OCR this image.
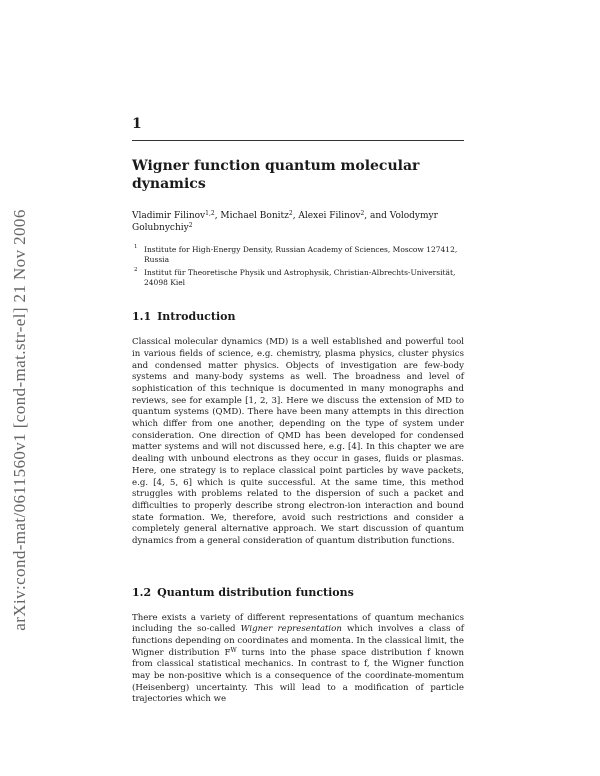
arXiv:cond-mat/0611560v1 [cond-mat.str-el] 21 Nov 2006
1
Wigner function quantum molecular dynamics
Vladimir Filinov$^{1,2}$, Michael Bonitz$^2$, Alexei Filinov$^2$, and Volodymyr
Golubnychiy$^2$
1 Institute for High-Energy Density, Russian Academy of Sciences, Moscow 127412, Russia
2 Institut für Theoretische Physik und Astrophysik, Christian-Albrechts-Universität, 24098 Kiel
1.1 Introduction

Classical molecular dynamics (MD) is a well established and powerful tool in various fields of science, e.g. chemistry, plasma physics, cluster physics and condensed matter physics. Objects of investigation are few-body systems and many-body systems as well. The broadness and level of sophistication of this technique is documented in many monographs and reviews, see for example [1, 2, 3]. Here we discuss the extension of MD to quantum systems (QMD). There have been many attempts in this direction which differ from one another, depending on the type of system under consideration. One direction of QMD has been developed for condensed matter systems and will not discussed here, e.g. [4]. In this chapter we are dealing with unbound electrons as they occur in gases, fluids or plasmas. Here, one strategy is to replace classical point particles by wave packets, e.g. [4, 5, 6] which is quite successful. At the same time, this method struggles with problems related to the dispersion of such a packet and difficulties to properly describe strong electron-ion interaction and bound state formation. We, therefore, avoid such restrictions and consider a completely general alternative approach. We start discussion of quantum dynamics from a general consideration of quantum distribution functions.

1.2 Quantum distribution functions

There exists a variety of different representations of quantum mechanics including the so-called Wigner representation which involves a class of functions depending on coordinates and momenta. In the classical limit, the Wigner distribution $F^W$ turns into the phase space distribution f known from classical statistical mechanics. In contrast to f, the Wigner function may be non-positive which is a consequence of the coordinate-momentum (Heisenberg) uncertainty. This will lead to a modification of particle trajectories which we
